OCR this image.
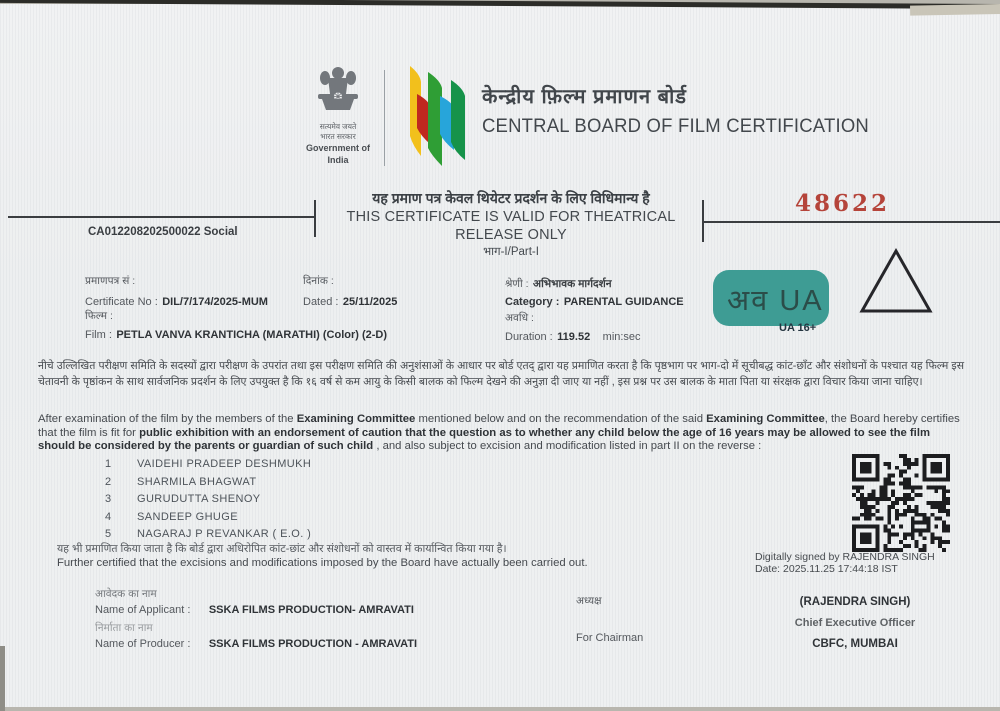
सत्यमेव जयते
भारत सरकार
Government of India
केन्द्रीय फ़िल्म प्रमाणन बोर्ड
CENTRAL BOARD OF FILM CERTIFICATION
यह प्रमाण पत्र केवल थियेटर प्रदर्शन के लिए विधिमान्य है
THIS CERTIFICATE IS VALID FOR THEATRICAL RELEASE ONLY
भाग-I/Part-I
48622
CA012208202500022 Social
प्रमाणपत्र सं :
Certificate No : DIL/7/174/2025-MUM
दिनांक :
Dated : 25/11/2025
श्रेणी : अभिभावक मार्गदर्शन
Category : PARENTAL GUIDANCE
फिल्म :
Film : PETLA VANVA KRANTICHA (MARATHI) (Color) (2-D)
अवधि :
Duration : 119.52 min:sec
अव UA
UA 16+
नीचे उल्लिखित परीक्षण समिति के सदस्यों द्वारा परीक्षण के उपरांत तथा इस परीक्षण समिति की अनुशंसाओं के आधार पर बोर्ड एतद् द्वारा यह प्रमाणित करता है कि पृष्ठभाग पर भाग-दो में सूचीबद्ध कांट-छाँट और संशोधनों के पश्चात यह फिल्म इस चेतावनी के पृष्ठांकन के साथ सार्वजनिक प्रदर्शन के लिए उपयुक्त है कि १६ वर्ष से कम आयु के किसी बालक को फिल्म देखने की अनुज्ञा दी जाए या नहीं , इस प्रश्न पर उस बालक के माता पिता या संरक्षक द्वारा विचार किया जाना चाहिए।
After examination of the film by the members of the Examining Committee mentioned below and on the recommendation of the said Examining Committee, the Board hereby certifies that the film is fit for public exhibition with an endorsement of caution that the question as to whether any child below the age of 16 years may be allowed to see the film should be considered by the parents or guardian of such child , and also subject to excision and modification listed in part II on the reverse :
1	VAIDEHI PRADEEP DESHMUKH
2	SHARMILA BHAGWAT
3	GURUDUTTA SHENOY
4	SANDEEP GHUGE
5	NAGARAJ P REVANKAR ( E.O. )
यह भी प्रमाणित किया जाता है कि बोर्ड द्वारा अधिरोपित कांट-छांट और संशोधनों को वास्तव में कार्यान्वित किया गया है।
Further certified that the excisions and modifications imposed by the Board have actually been carried out.	Digitally signed by RAJENDRA SINGH
Date: 2025.11.25 17:44:18 IST
आवेदक का नाम
Name of Applicant : SSKA FILMS PRODUCTION- AMRAVATI
निर्माता का नाम
Name of Producer : SSKA FILMS PRODUCTION - AMRAVATI
अध्यक्ष
For Chairman
(RAJENDRA SINGH)
Chief Executive Officer
CBFC, MUMBAI
